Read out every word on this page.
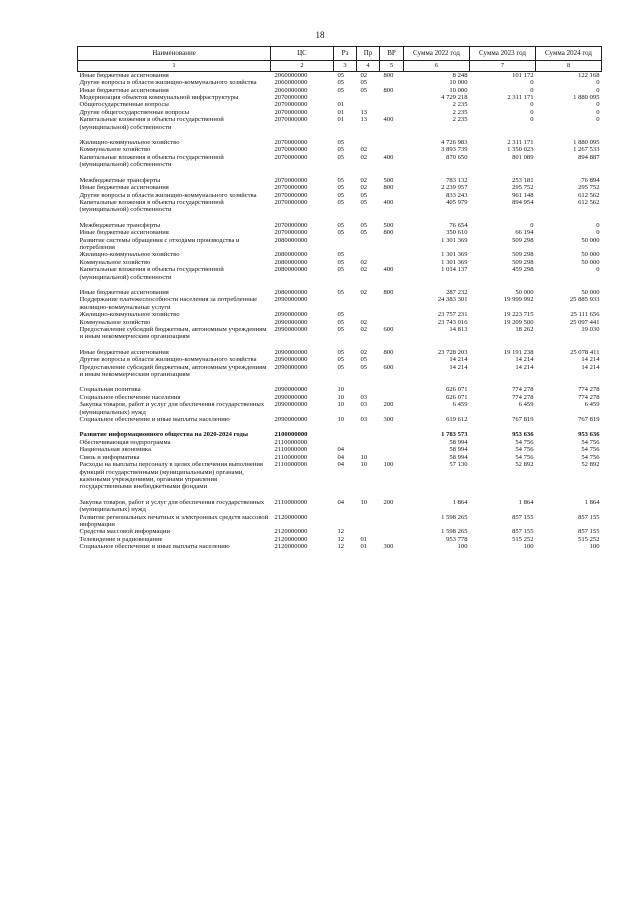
18
Наименование	ЦС	Рз	Пр	ВР	Сумма 2022 год	Сумма 2023 год	Сумма 2024 год
1	2	3	4	5	6	7	8
Иные бюджетные ассигнования	2060000000	05	02	800	8 248	101 172	122 168
Другие вопросы в области жилищно-коммунального хозяйства	2060000000	05	05		10 000	0	0
Иные бюджетные ассигнования	2060000000	05	05	800	10 000	0	0
Модернизация объектов коммунальной инфраструктуры	2070000000				4 729 218	2 311 171	1 880 095
Общегосударственные вопросы	2070000000	01			2 235	0	0
Другие общегосударственные вопросы	2070000000	01	13		2 235	0	0
Капитальные вложения в объекты государственной (муниципальной) собственности	2070000000	01	13	400	2 235	0	0

Жилищно-коммунальное хозяйство	2070000000	05			4 726 983	2 311 171	1 880 095
Коммунальное хозяйство	2070000000	05	02		3 893 739	1 350 023	1 267 533
Капитальные вложения в объекты государственной (муниципальной) собственности	2070000000	05	02	400	870 650	801 089	894 887

Межбюджетные трансферты	2070000000	05	02	500	783 132	253 181	76 894
Иные бюджетные ассигнования	2070000000	05	02	800	2 239 957	295 752	295 752
Другие вопросы в области жилищно-коммунального хозяйства	2070000000	05	05		833 243	961 148	612 562
Капитальные вложения в объекты государственной (муниципальной) собственности	2070000000	05	05	400	405 979	894 954	612 562

Межбюджетные трансферты	2070000000	05	05	500	76 654	0	0
Иные бюджетные ассигнования	2070000000	05	05	800	350 610	66 194	0
Развитие системы обращения с отходами производства и потребления	2080000000				1 301 369	509 298	50 000
Жилищно-коммунальное хозяйство	2080000000	05			1 301 369	509 298	50 000
Коммунальное хозяйство	2080000000	05	02		1 301 369	509 298	50 000
Капитальные вложения в объекты государственной (муниципальной) собственности	2080000000	05	02	400	1 014 137	459 298	0

Иные бюджетные ассигнования	2080000000	05	02	800	287 232	50 000	50 000
Поддержание платежеспособности населения за потребленные жилищно-коммунальные услуги	2090000000				24 383 301	19 999 992	25 885 933
Жилищно-коммунальное хозяйство	2090000000	05			23 757 231	19 223 715	25 111 656
Коммунальное хозяйство	2090000000	05	02		23 743 016	19 209 500	25 097 441
Предоставление субсидий бюджетным, автономным учреждениям и иным некоммерческим организациям	2090000000	05	02	600	14 813	18 262	19 030

Иные бюджетные ассигнования	2090000000	05	02	800	23 728 203	19 191 238	25 078 411
Другие вопросы в области жилищно-коммунального хозяйства	2090000000	05	05		14 214	14 214	14 214
Предоставление субсидий бюджетным, автономным учреждениям и иным некоммерческим организациям	2090000000	05	05	600	14 214	14 214	14 214

Социальная политика	2090000000	10			626 071	774 278	774 278
Социальное обеспечение населения	2090000000	10	03		626 071	774 278	774 278
Закупка товаров, работ и услуг для обеспечения государственных (муниципальных) нужд	2090000000	10	03	200	6 459	6 459	6 459
Социальное обеспечение и иные выплаты населению	2090000000	10	03	300	619 612	767 819	767 819

Развитие информационного общества на 2020-2024 годы	2100000000				1 783 573	953 636	953 636
Обеспечивающая подпрограмма	2110000000				58 994	54 756	54 756
Национальная экономика	2110000000	04			58 994	54 756	54 756
Связь и информатика	2110000000	04	10		58 994	54 756	54 756
Расходы на выплаты персоналу в целях обеспечения выполнения функций государственными (муниципальными) органами, казенными учреждениями, органами управления государственными внебюджетными фондами	2110000000	04	10	100	57 130	52 892	52 892

Закупка товаров, работ и услуг для обеспечения государственных (муниципальных) нужд	2110000000	04	10	200	1 864	1 864	1 864
Развитие региональных печатных и электронных средств массовой информации	2120000000				1 598 265	857 155	857 155
Средства массовой информации	2120000000	12			1 598 265	857 155	857 155
Телевидение и радиовещание	2120000000	12	01		953 778	515 252	515 252
Социальное обеспечение и иные выплаты населению	2120000000	12	01	300	100	100	100
